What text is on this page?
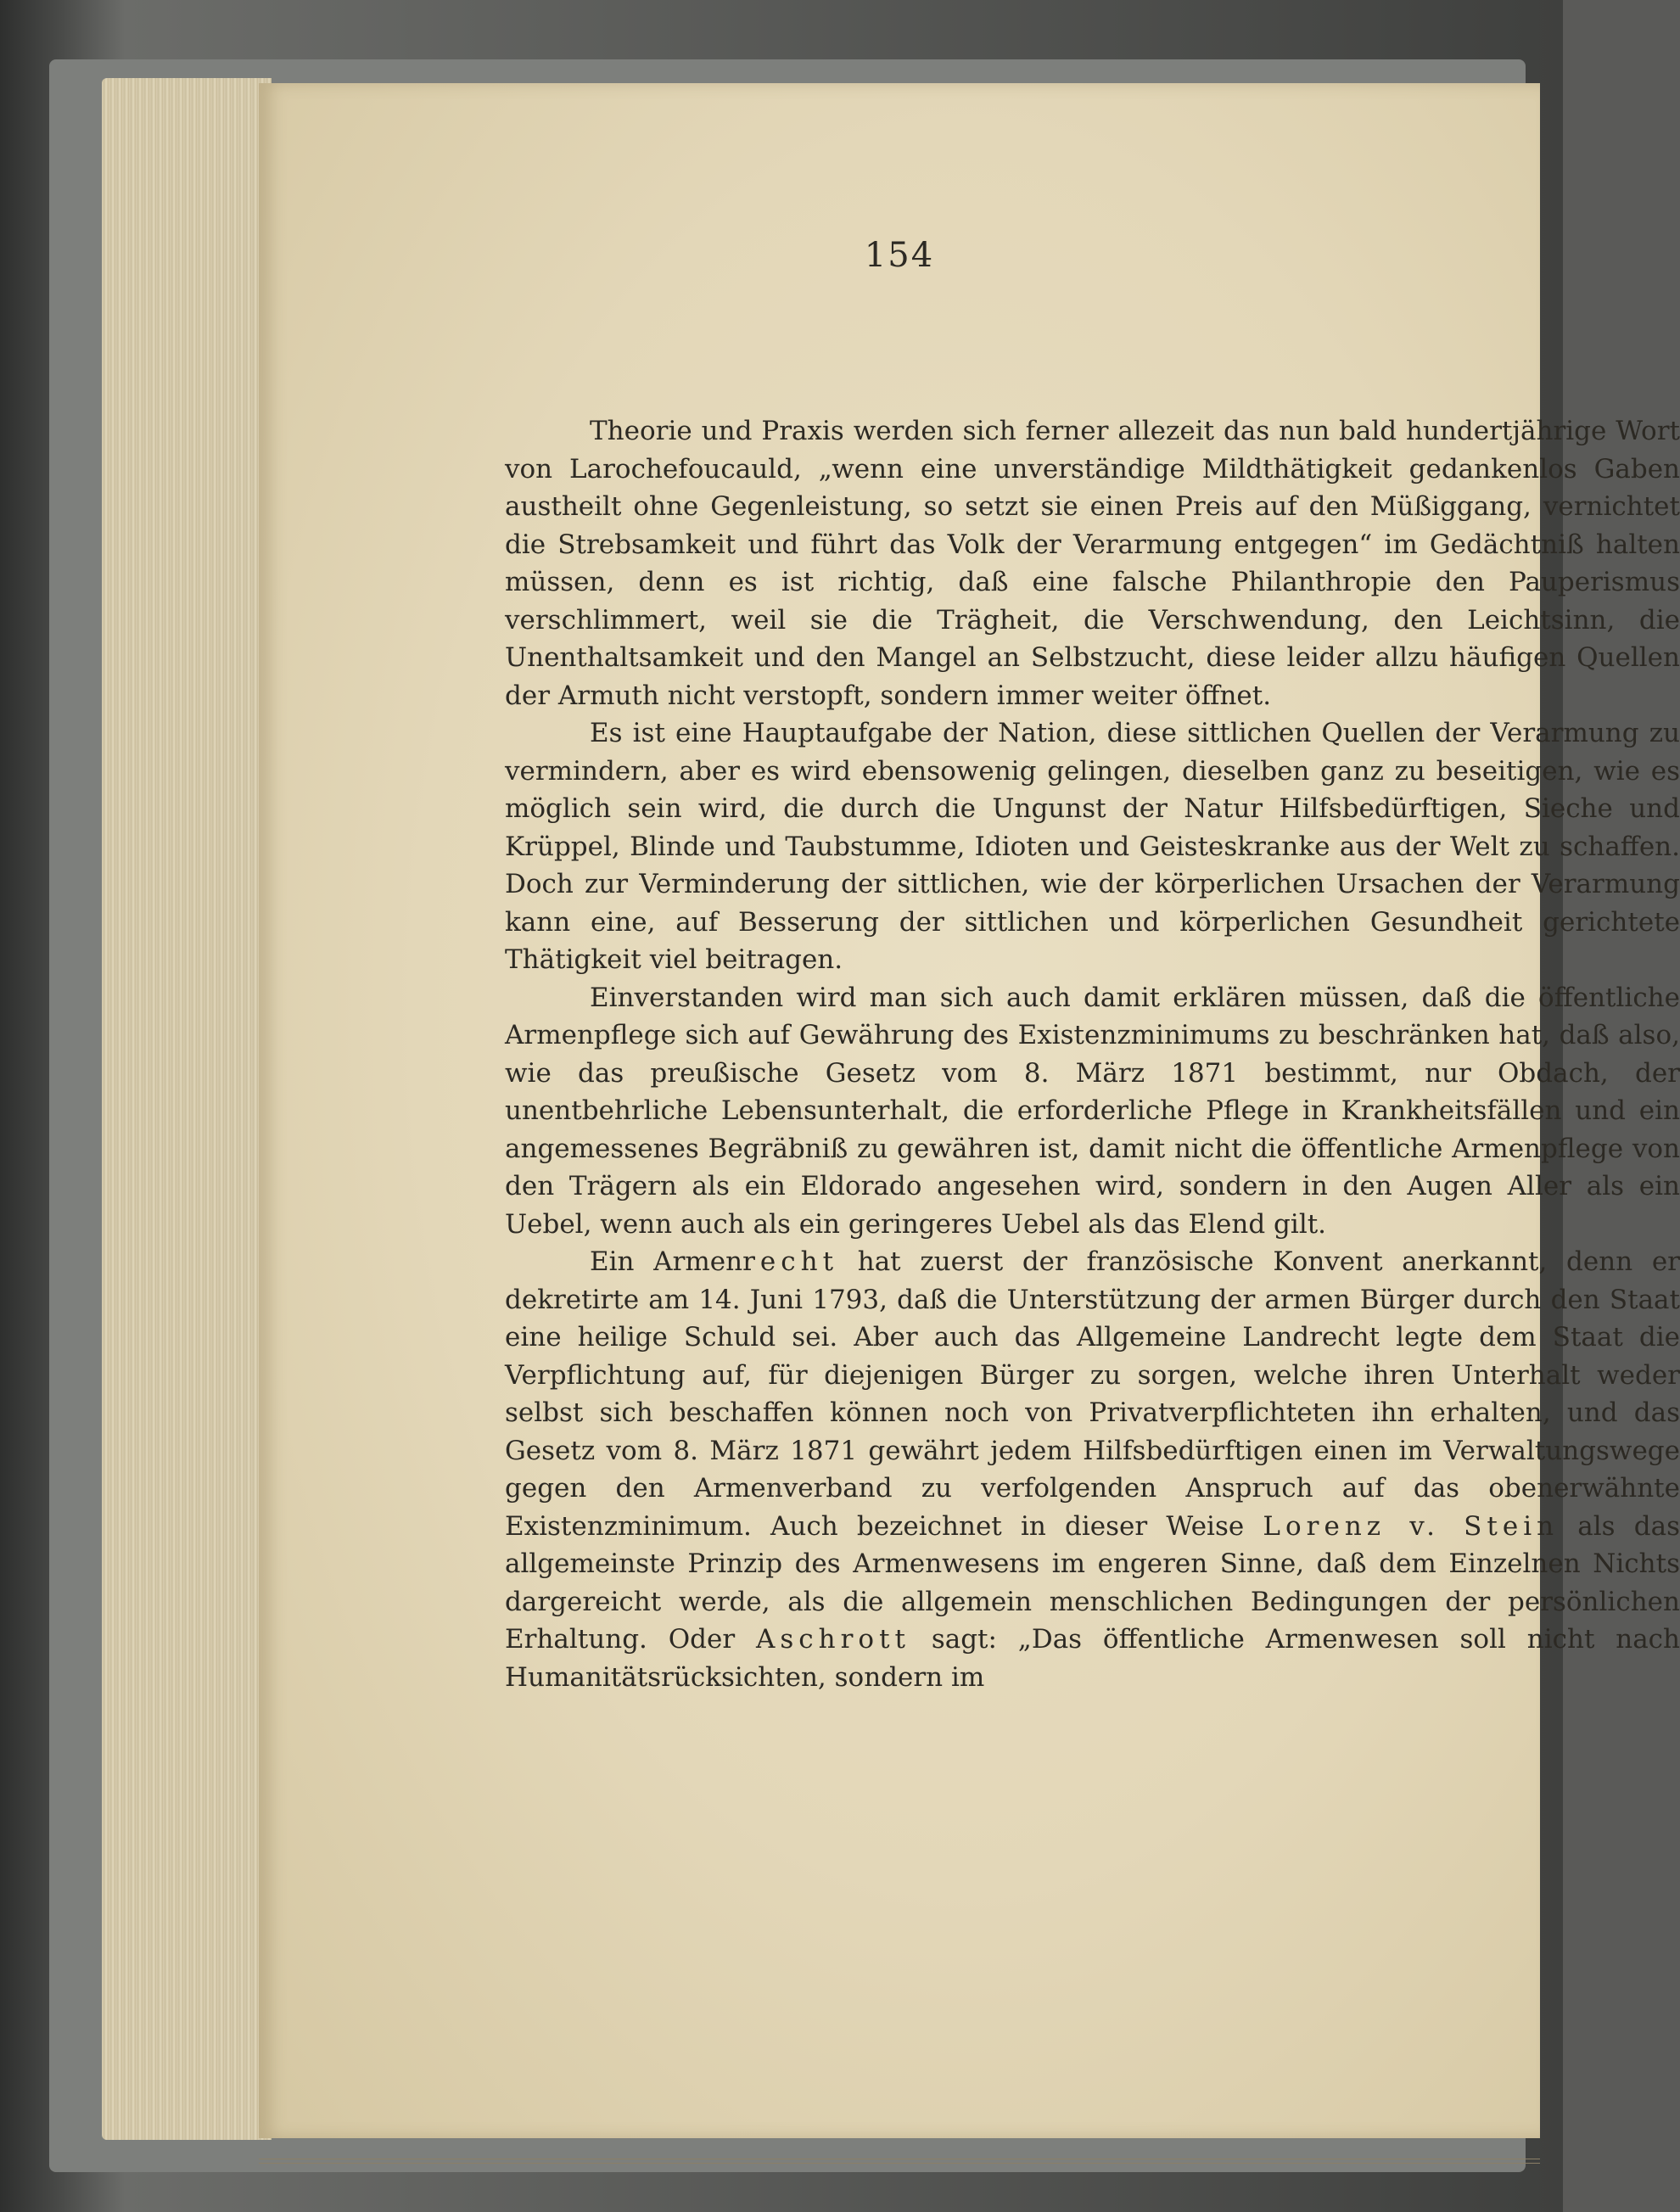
154

Theorie und Praxis werden sich ferner allezeit das nun bald hundertjährige Wort von Larochefoucauld, „wenn eine unverständige Mildthätigkeit gedankenlos Gaben austheilt ohne Gegenleistung, so setzt sie einen Preis auf den Müßiggang, vernichtet die Strebsamkeit und führt das Volk der Verarmung entgegen“ im Gedächtniß halten müssen, denn es ist richtig, daß eine falsche Philanthropie den Pauperismus verschlimmert, weil sie die Trägheit, die Verschwendung, den Leichtsinn, die Unenthaltsamkeit und den Mangel an Selbstzucht, diese leider allzu häufigen Quellen der Armuth nicht verstopft, sondern immer weiter öffnet.

Es ist eine Hauptaufgabe der Nation, diese sittlichen Quellen der Verarmung zu vermindern, aber es wird ebensowenig gelingen, dieselben ganz zu beseitigen, wie es möglich sein wird, die durch die Ungunst der Natur Hilfsbedürftigen, Sieche und Krüppel, Blinde und Taubstumme, Idioten und Geisteskranke aus der Welt zu schaffen. Doch zur Verminderung der sittlichen, wie der körperlichen Ursachen der Verarmung kann eine, auf Besserung der sittlichen und körperlichen Gesundheit gerichtete Thätigkeit viel beitragen.

Einverstanden wird man sich auch damit erklären müssen, daß die öffentliche Armenpflege sich auf Gewährung des Existenzminimums zu beschränken hat, daß also, wie das preußische Gesetz vom 8. März 1871 bestimmt, nur Obdach, der unentbehrliche Lebensunterhalt, die erforderliche Pflege in Krankheitsfällen und ein angemessenes Begräbniß zu gewähren ist, damit nicht die öffentliche Armenpflege von den Trägern als ein Eldorado angesehen wird, sondern in den Augen Aller als ein Uebel, wenn auch als ein geringeres Uebel als das Elend gilt.

Ein Armenrecht hat zuerst der französische Konvent anerkannt, denn er dekretirte am 14. Juni 1793, daß die Unterstützung der armen Bürger durch den Staat eine heilige Schuld sei. Aber auch das Allgemeine Landrecht legte dem Staat die Verpflichtung auf, für diejenigen Bürger zu sorgen, welche ihren Unterhalt weder selbst sich beschaffen können noch von Privatverpflichteten ihn erhalten, und das Gesetz vom 8. März 1871 gewährt jedem Hilfsbedürftigen einen im Verwaltungswege gegen den Armenverband zu verfolgenden Anspruch auf das obenerwähnte Existenzminimum. Auch bezeichnet in dieser Weise Lorenz v. Stein als das allgemeinste Prinzip des Armenwesens im engeren Sinne, daß dem Einzelnen Nichts dargereicht werde, als die allgemein menschlichen Bedingungen der persönlichen Erhaltung. Oder Aschrott sagt: „Das öffentliche Armenwesen soll nicht nach Humanitätsrücksichten, sondern im
